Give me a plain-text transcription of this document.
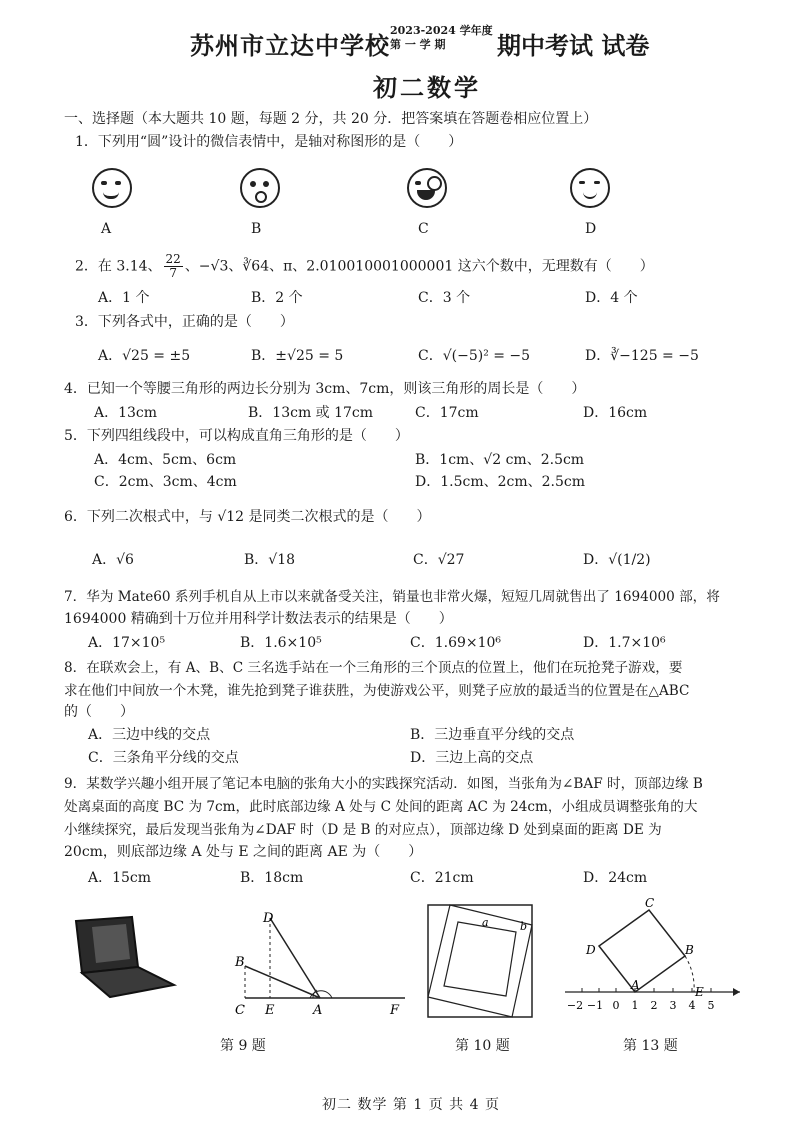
苏州市立达中学校
2023-2024 学年度
第 一 学 期	期中考试 试卷
初二数学
一、选择题（本大题共 10 题，每题 2 分，共 20 分．把答案填在答题卷相应位置上）
1．下列用“圆”设计的微信表情中，是轴对称图形的是（　　）
A	B	C	D
2．在 3.14、 $\frac{22}{7}$ 、−√3、∛64、π、2.010010001000001 这六个数中，无理数有（　　）
A．1 个	B．2 个	C．3 个	D．4 个
3．下列各式中，正确的是（　　）
A．√25 = ±5	B．±√25 = 5	C．√(−5)² = −5	D．∛−125 = −5
4．已知一个等腰三角形的两边长分别为 3cm、7cm，则该三角形的周长是（　　）
A．13cm	B．13cm 或 17cm	C．17cm	D．16cm
5．下列四组线段中，可以构成直角三角形的是（　　）
A．4cm、5cm、6cm	B．1cm、√2 cm、2.5cm
C．2cm、3cm、4cm	D．1.5cm、2cm、2.5cm
6．下列二次根式中，与 √12 是同类二次根式的是（　　）
A．√6	B．√18	C．√27	D．√(1/2)
7．华为 Mate60 系列手机自从上市以来就备受关注，销量也非常火爆，短短几周就售出了 1694000 部，将
1694000 精确到十万位并用科学计数法表示的结果是（　　）
A．17×10⁵	B．1.6×10⁵	C．1.69×10⁶	D．1.7×10⁶
8．在联欢会上，有 A、B、C 三名选手站在一个三角形的三个顶点的位置上，他们在玩抢凳子游戏，要
求在他们中间放一个木凳，谁先抢到凳子谁获胜，为使游戏公平，则凳子应放的最适当的位置是在△ABC
的（　　）
A．三边中线的交点	B．三边垂直平分线的交点
C．三条角平分线的交点	D．三边上高的交点
9．某数学兴趣小组开展了笔记本电脑的张角大小的实践探究活动．如图，当张角为∠BAF 时，顶部边缘 B
处离桌面的高度 BC 为 7cm，此时底部边缘 A 处与 C 处间的距离 AC 为 24cm，小组成员调整张角的大
小继续探究，最后发现当张角为∠DAF 时（D 是 B 的对应点），顶部边缘 D 处到桌面的距离 DE 为
20cm，则底部边缘 A 处与 E 之间的距离 AE 为（　　）
A．15cm	B．18cm	C．21cm	D．24cm
D
B
C E	A	F
a	b
C
D	B
A	E
−2 −1 0 1 2 3 4 5
第 9 题	第 10 题	第 13 题
初二 数学 第 1 页 共 4 页
